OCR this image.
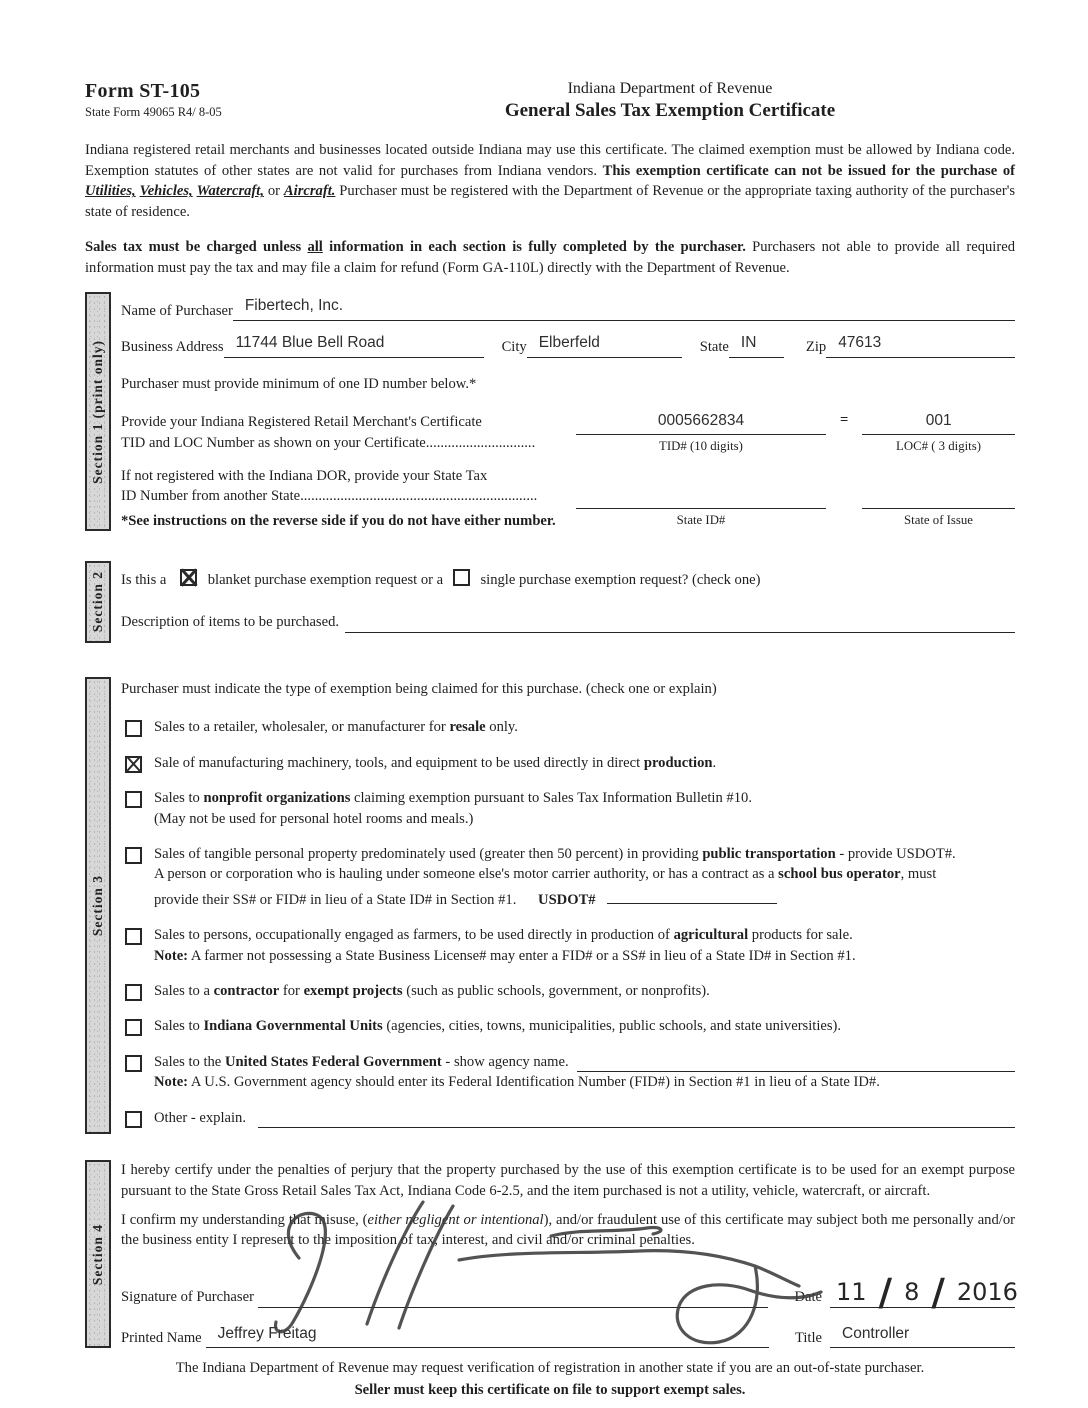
Form ST-105
State Form 49065 R4/ 8-05
Indiana Department of Revenue
General Sales Tax Exemption Certificate

Indiana registered retail merchants and businesses located outside Indiana may use this certificate. The claimed exemption must be allowed by Indiana code. Exemption statutes of other states are not valid for purchases from Indiana vendors. This exemption certificate can not be issued for the purchase of Utilities, Vehicles, Watercraft, or Aircraft. Purchaser must be registered with the Department of Revenue or the appropriate taxing authority of the purchaser's state of residence.

Sales tax must be charged unless all information in each section is fully completed by the purchaser. Purchasers not able to provide all required information must pay the tax and may file a claim for refund (Form GA-110L) directly with the Department of Revenue.

Section 1 (print only)
Name of Purchaser Fibertech, Inc.
Business Address 11744 Blue Bell Road	City Elberfeld	State IN	Zip 47613
Purchaser must provide minimum of one ID number below.*
Provide your Indiana Registered Retail Merchant's Certificate
TID and LOC Number as shown on your Certificate..............................
0005662834	=	001
TID# (10 digits)	LOC# ( 3 digits)
If not registered with the Indiana DOR, provide your State Tax
ID Number from another State.................................................................
*See instructions on the reverse side if you do not have either number.	State ID#	State of Issue
Section 2 Is this a	blanket purchase exemption request or a	single purchase exemption request? (check one)
Description of items to be purchased.
Section 3
Purchaser must indicate the type of exemption being claimed for this purchase. (check one or explain)
Sales to a retailer, wholesaler, or manufacturer for resale only.
Sale of manufacturing machinery, tools, and equipment to be used directly in direct production.
Sales to nonprofit organizations claiming exemption pursuant to Sales Tax Information Bulletin #10.
(May not be used for personal hotel rooms and meals.)
Sales of tangible personal property predominately used (greater then 50 percent) in providing public transportation - provide USDOT#.
A person or corporation who is hauling under someone else's motor carrier authority, or has a contract as a school bus operator, must
provide their SS# or FID# in lieu of a State ID# in Section #1. USDOT#
Sales to persons, occupationally engaged as farmers, to be used directly in production of agricultural products for sale.
Note: A farmer not possessing a State Business License# may enter a FID# or a SS# in lieu of a State ID# in Section #1.
Sales to a contractor for exempt projects (such as public schools, government, or nonprofits).
Sales to Indiana Governmental Units (agencies, cities, towns, municipalities, public schools, and state universities).
Sales to the United States Federal Government - show agency name.
Note: A U.S. Government agency should enter its Federal Identification Number (FID#) in Section #1 in lieu of a State ID#.
Other - explain.
Section 4

I hereby certify under the penalties of perjury that the property purchased by the use of this exemption certificate is to be used for an exempt purpose pursuant to the State Gross Retail Sales Tax Act, Indiana Code 6-2.5, and the item purchased is not a utility, vehicle, watercraft, or aircraft.

I confirm my understanding that misuse, (either negligent or intentional), and/or fraudulent use of this certificate may subject both me personally and/or the business entity I represent to the imposition of tax, interest, and civil and/or criminal penalties.

Signature of Purchaser	Date 11 / 8 / 2016
Printed Name	Jeffrey Freitag	Title	Controller
The Indiana Department of Revenue may request verification of registration in another state if you are an out-of-state purchaser.
Seller must keep this certificate on file to support exempt sales.
